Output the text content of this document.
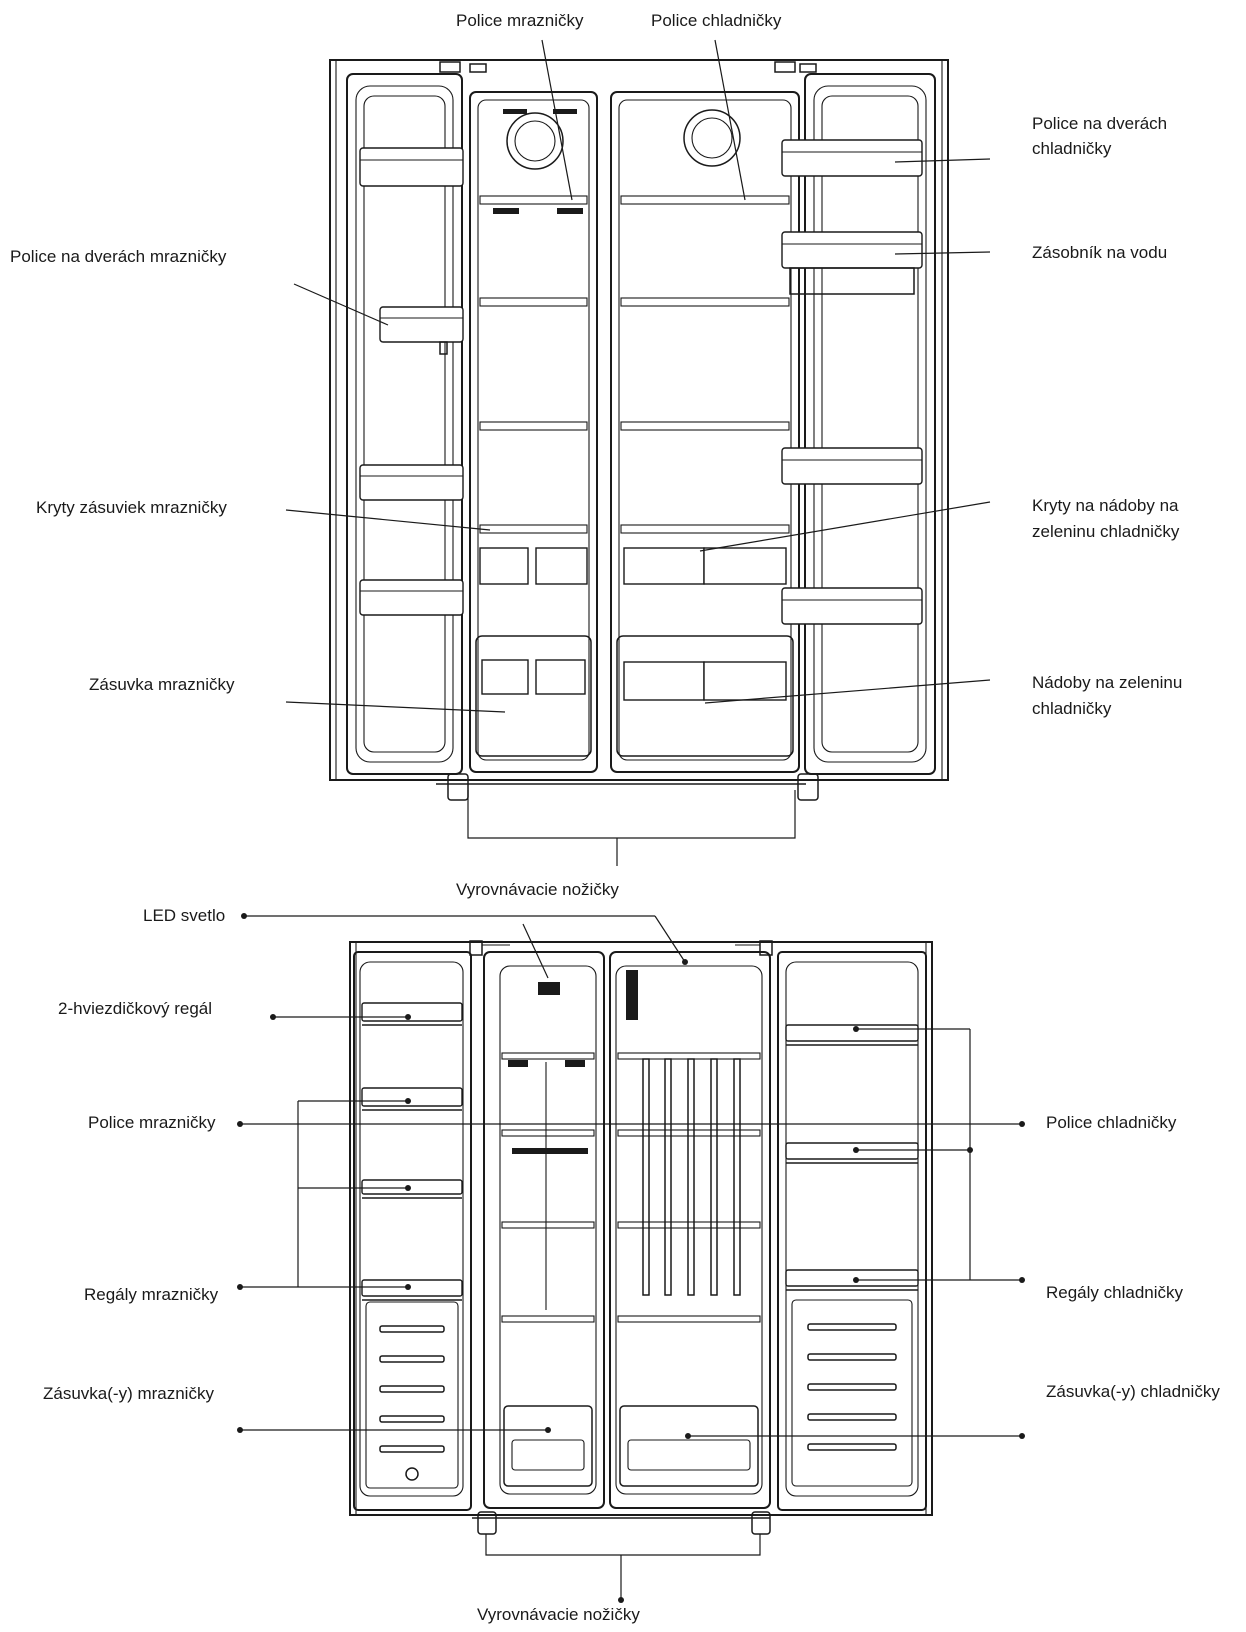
Police mrazničky	Police chladničky
Police na dverách
chladničky
Police na dverách mrazničky	Zásobník na vodu
Kryty zásuviek mrazničky	Kryty na nádoby na
zeleninu chladničky
Zásuvka mrazničky	Nádoby na zeleninu
chladničky
Vyrovnávacie nožičky
LED svetlo
2-hviezdičkový regál
Police mrazničky	Police chladničky
Regály mrazničky	Regály chladničky
Zásuvka(-y) mrazničky	Zásuvka(-y) chladničky
Vyrovnávacie nožičky
